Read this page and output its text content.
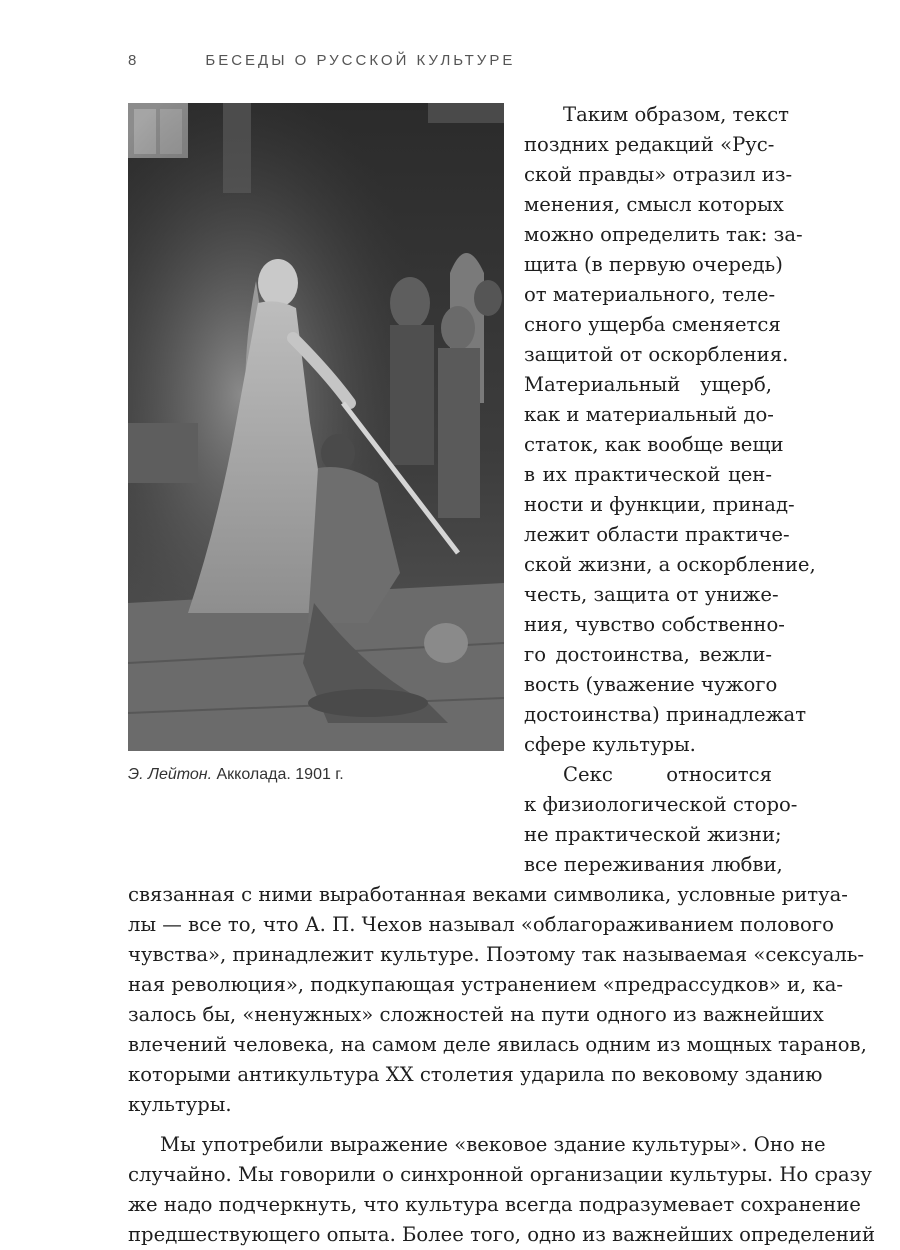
8	БЕСЕДЫ О РУССКОЙ КУЛЬТУРЕ
Э. Лейтон. Акколада. 1901 г.
Таким образом, текст
поздних редакций «Рус-
ской правды» отразил из-
менения, смысл которых
можно определить так: за-
щита (в первую очередь)
от материального, теле-
сного ущерба сменяется
защитой от оскорбления.
Материальный ущерб,
как и материальный до-
статок, как вообще вещи
в их практической цен-
ности и функции, принад-
лежит области практиче-
ской жизни, а оскорбление,
честь, защита от униже-
ния, чувство собственно-
го достоинства, вежли-
вость (уважение чужого
достоинства) принадлежат
сфере культуры.
Секс относится
к физиологической сторо-
не практической жизни;
все переживания любви,
связанная с ними выработанная веками символика, условные ритуа-
лы — все то, что А. П. Чехов называл «облагораживанием полового
чувства», принадлежит культуре. Поэтому так называемая «сексуаль-
ная революция», подкупающая устранением «предрассудков» и, ка-
залось бы, «ненужных» сложностей на пути одного из важнейших
влечений человека, на самом деле явилась одним из мощных таранов,
которыми антикультура XX столетия ударила по вековому зданию
культуры.
Мы употребили выражение «вековое здание культуры». Оно не
случайно. Мы говорили о синхронной организации культуры. Но сразу
же надо подчеркнуть, что культура всегда подразумевает сохранение
предшествующего опыта. Более того, одно из важнейших определений
